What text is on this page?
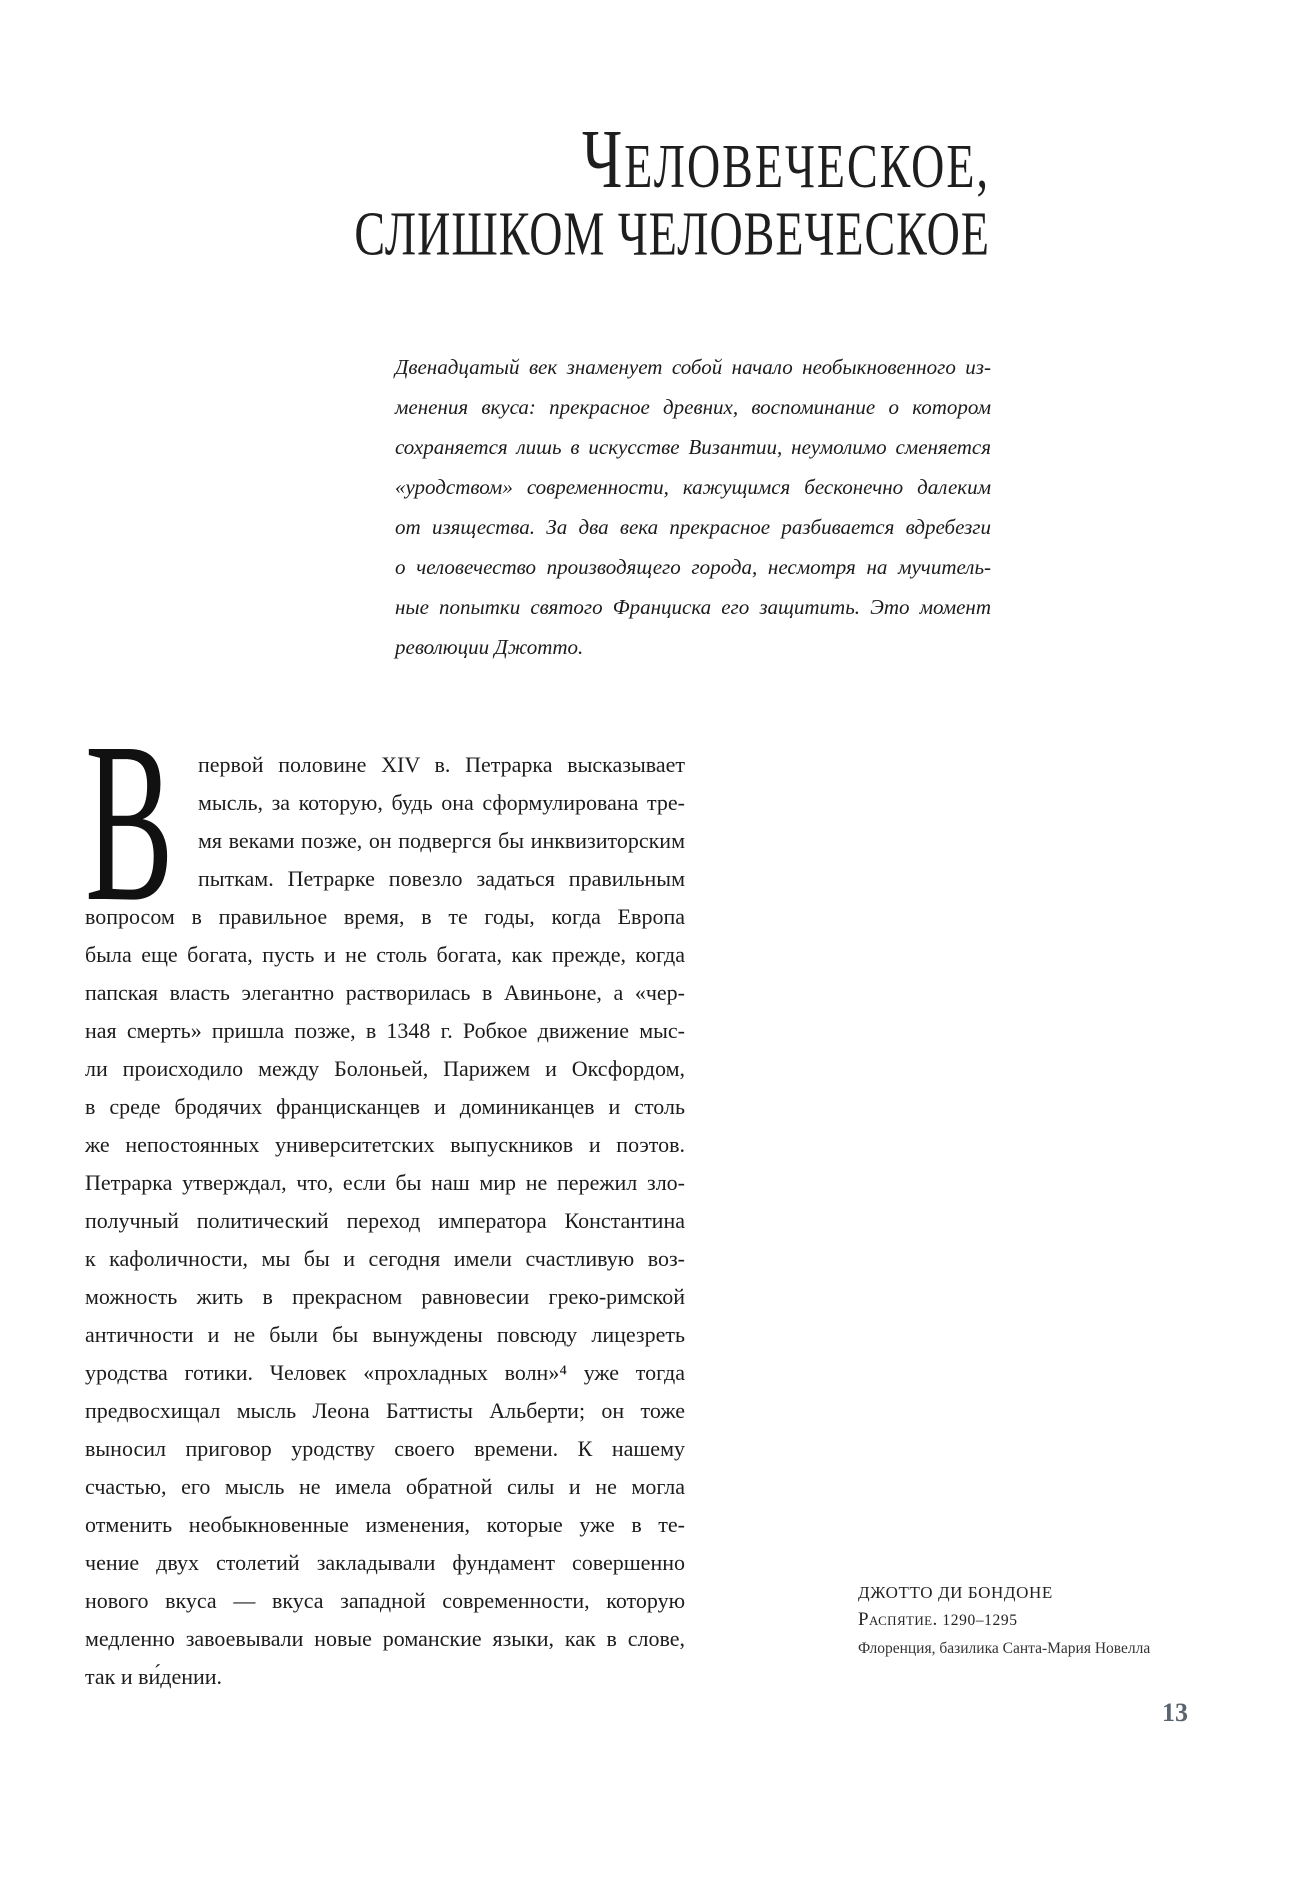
ЧЕЛОВЕЧЕСКОЕ,
СЛИШКОМ ЧЕЛОВЕЧЕСКОЕ
Двенадцатый век знаменует собой начало необыкновенного из-
менения вкуса: прекрасное древних, воспоминание о котором
сохраняется лишь в искусстве Византии, неумолимо сменяется
«уродством» современности, кажущимся бесконечно далеким
от изящества. За два века прекрасное разбивается вдребезги
о человечество производящего города, несмотря на мучитель-
ные попытки святого Франциска его защитить. Это момент
революции Джотто.
В	первой половине XIV в. Петрарка высказывает
мысль, за которую, будь она сформулирована тре-
мя веками позже, он подвергся бы инквизиторским
пыткам. Петрарке повезло задаться правильным
вопросом в правильное время, в те годы, когда Европа
была еще богата, пусть и не столь богата, как прежде, когда
папская власть элегантно растворилась в Авиньоне, а «чер-
ная смерть» пришла позже, в 1348 г. Робкое движение мыс-
ли происходило между Болоньей, Парижем и Оксфордом,
в среде бродячих францисканцев и доминиканцев и столь
же непостоянных университетских выпускников и поэтов.
Петрарка утверждал, что, если бы наш мир не пережил зло-
получный политический переход императора Константина
к кафоличности, мы бы и сегодня имели счастливую воз-
можность жить в прекрасном равновесии греко-римской
античности и не были бы вынуждены повсюду лицезреть
уродства готики. Человек «прохладных волн»⁴ уже тогда
предвосхищал мысль Леона Баттисты Альберти; он тоже
выносил приговор уродству своего времени. К нашему
счастью, его мысль не имела обратной силы и не могла
отменить необыкновенные изменения, которые уже в те-
чение двух столетий закладывали фундамент совершенно
нового вкуса — вкуса западной современности, которую
медленно завоевывали новые романские языки, как в слове,
так и ви́дении.
ДЖОТТО ДИ БОНДОНЕ
Распятие. 1290–1295
Флоренция, базилика Санта-Мария Новелла
13
